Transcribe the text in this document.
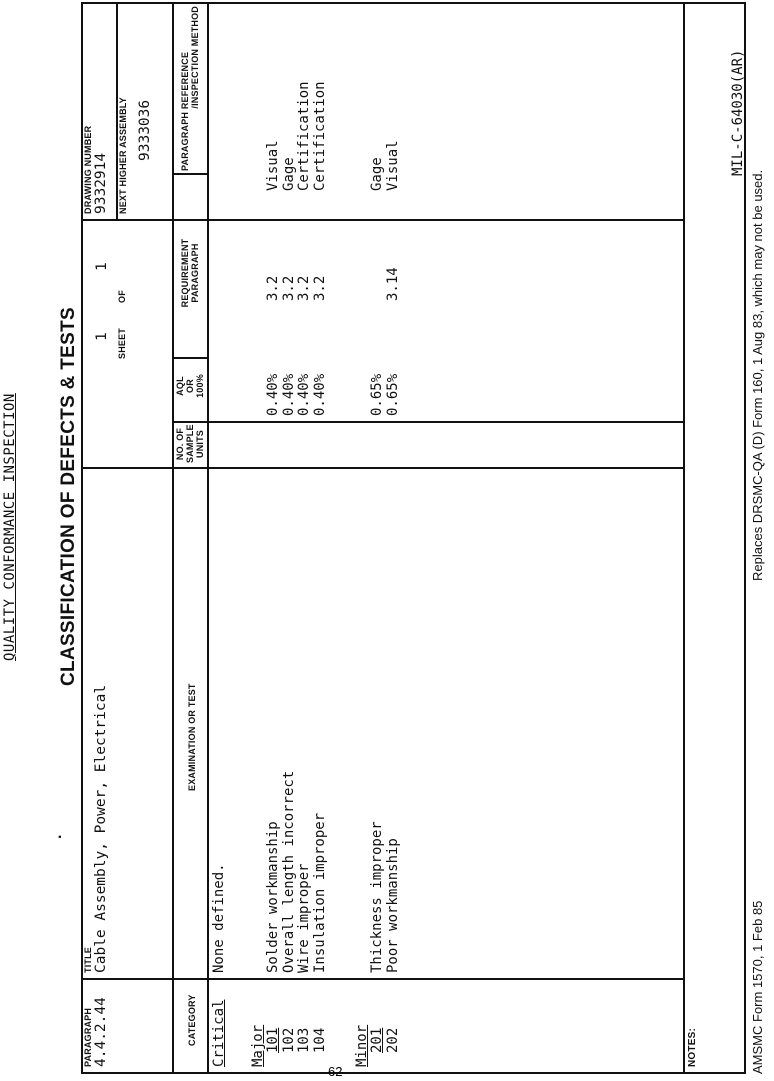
QUALITY CONFORMANCE INSPECTION
MIL-C-64030(AR)
CLASSIFICATION OF DEFECTS & TESTS
.
PARAGRAPH 4.4.2.44
TITLE Cable Assembly, Power, Electrical
1
1
SHEET
OF
DRAWING NUMBER 9332914 NEXT HIGHER ASSEMBLY 9333036
CATEGORY
EXAMINATION OR TEST
NO. OF SAMPLE UNITS
AQL OR 100%
REQUIREMENT PARAGRAPH
PARAGRAPH REFERENCE /INSPECTION METHOD
Critical
None defined.
Major 101 102 103 104
Solder workmanship Overall length incorrect Wire improper Insulation improper
0.40% 0.40% 0.40% 0.40%
3.2 3.2 3.2 3.2
Visual Gage Certification Certification
Minor 201 202
Thickness improper Poor workmanship
0.65% 0.65%
3.14
Gage Visual
NOTES:	AMSMC Form 1570, 1 Feb 85
Replaces DRSMC-QA (D) Form 160, 1 Aug 83, which may not be used.
62
